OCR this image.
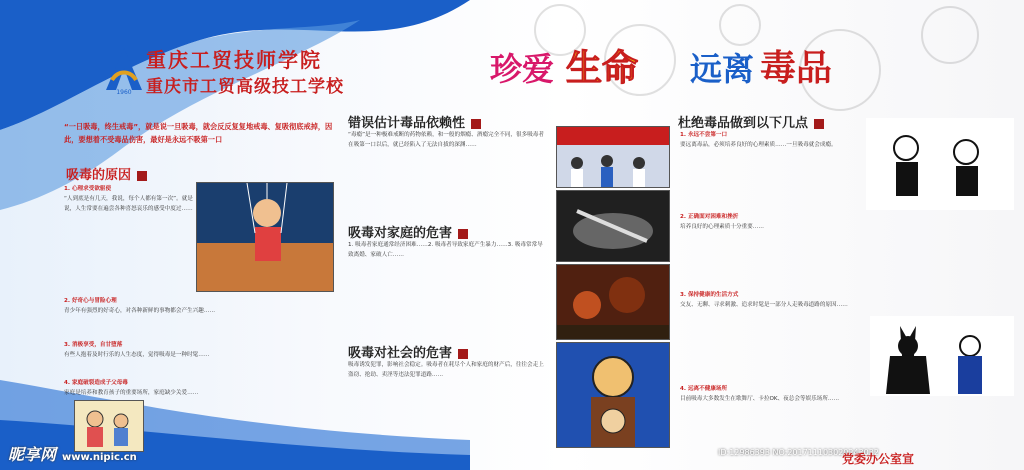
1960
重庆工贸技师学院
重庆市工贸高级技工学校	珍爱 生命 远离 毒品
“一日吸毒，终生戒毒”，就是说一旦吸毒，就会反反复复地戒毒、复吸彻底戒掉，因此，要想着不受毒品伤害，最好是永远不吸第一口
吸毒的原因
1. 心理求受欲驱使
“人到底是有几天，我说，每个人都有第一次”。就是说，人生常要在遍尝各种喜怒哀乐的感受中度过……
2. 好奇心与冒险心理
青少年有强烈的好奇心，对各种新鲜的事物都会产生兴趣……
3. 消极享受，自甘堕落
有些人抱着及时行乐的人生态度，觉得吸毒是一种时髦……
4. 家庭破裂造成子父母毒
家庭是培养和教育孩子的重要场所，家庭缺少关爱……
错误估计毒品依赖性
“毒瘾”是一种极难戒断的药物依赖，和一般的烟瘾、酒瘾完全不同，很多吸毒者在吸第一口以后，就已经陷入了无法自拔的深渊……
吸毒对家庭的危害
1. 吸毒者家庭通常经济困难……2. 吸毒者导致家庭产生暴力……3. 吸毒常常导致离婚、家破人亡……
吸毒对社会的危害
吸毒诱发犯罪，影响社会稳定。吸毒者在耗尽个人和家庭的财产后，往往会走上盗窃、抢劫、卖淫等违法犯罪道路……
杜绝毒品做到以下几点
1. 永远不尝第一口
要远离毒品，必须培养良好的心理素质……一旦吸毒就会成瘾。
2. 正确面对困难和挫折
培养良好的心理素质十分重要……
3. 保持健康的生活方式
交友、无聊、寻求刺激、追求时髦是一部分人走吸毒道路的原因……
4. 远离不健康场所
目前吸毒大多数发生在歌舞厅、卡拉OK、夜总会等娱乐场所……
昵享网 www.nipic.cn	ID:12986393 NO:20171110302024303​2
党委办公室宣
